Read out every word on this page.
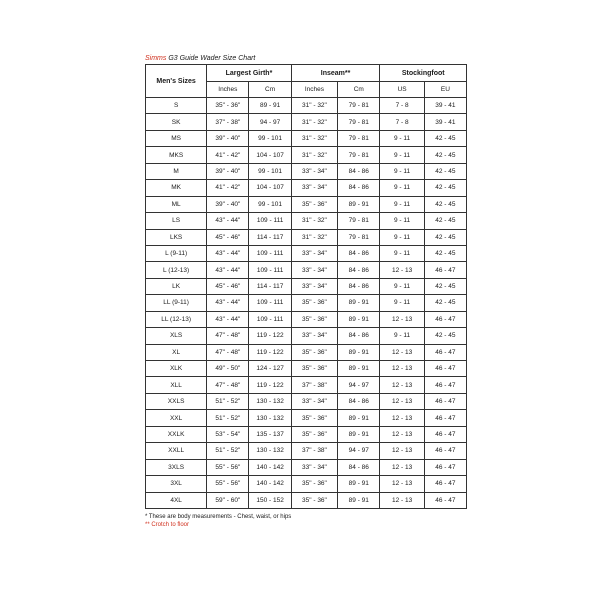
Simms G3 Guide Wader Size Chart
Men's Sizes	Largest Girth*		Inseam**		Stockingfoot	
	Inches	Cm	Inches	Cm	US	EU
S	35" - 36"	89 - 91	31" - 32"	79 - 81	7 - 8	39 - 41
SK	37" - 38"	94 - 97	31" - 32"	79 - 81	7 - 8	39 - 41
MS	39" - 40"	99 - 101	31" - 32"	79 - 81	9 - 11	42 - 45
MKS	41" - 42"	104 - 107	31" - 32"	79 - 81	9 - 11	42 - 45
M	39" - 40"	99 - 101	33" - 34"	84 - 86	9 - 11	42 - 45
MK	41" - 42"	104 - 107	33" - 34"	84 - 86	9 - 11	42 - 45
ML	39" - 40"	99 - 101	35" - 36"	89 - 91	9 - 11	42 - 45
LS	43" - 44"	109 - 111	31" - 32"	79 - 81	9 - 11	42 - 45
LKS	45" - 46"	114 - 117	31" - 32"	79 - 81	9 - 11	42 - 45
L (9-11)	43" - 44"	109 - 111	33" - 34"	84 - 86	9 - 11	42 - 45
L (12-13)	43" - 44"	109 - 111	33" - 34"	84 - 86	12 - 13	46 - 47
LK	45" - 46"	114 - 117	33" - 34"	84 - 86	9 - 11	42 - 45
LL (9-11)	43" - 44"	109 - 111	35" - 36"	89 - 91	9 - 11	42 - 45
LL (12-13)	43" - 44"	109 - 111	35" - 36"	89 - 91	12 - 13	46 - 47
XLS	47" - 48"	119 - 122	33" - 34"	84 - 86	9 - 11	42 - 45
XL	47" - 48"	119 - 122	35" - 36"	89 - 91	12 - 13	46 - 47
XLK	49" - 50"	124 - 127	35" - 36"	89 - 91	12 - 13	46 - 47
XLL	47" - 48"	119 - 122	37" - 38"	94 - 97	12 - 13	46 - 47
XXLS	51" - 52"	130 - 132	33" - 34"	84 - 86	12 - 13	46 - 47
XXL	51" - 52"	130 - 132	35" - 36"	89 - 91	12 - 13	46 - 47
XXLK	53" - 54"	135 - 137	35" - 36"	89 - 91	12 - 13	46 - 47
XXLL	51" - 52"	130 - 132	37" - 38"	94 - 97	12 - 13	46 - 47
3XLS	55" - 56"	140 - 142	33" - 34"	84 - 86	12 - 13	46 - 47
3XL	55" - 56"	140 - 142	35" - 36"	89 - 91	12 - 13	46 - 47
4XL	59" - 60"	150 - 152	35" - 36"	89 - 91	12 - 13	46 - 47
* These are body measurements - Chest, waist, or hips
** Crotch to floor
